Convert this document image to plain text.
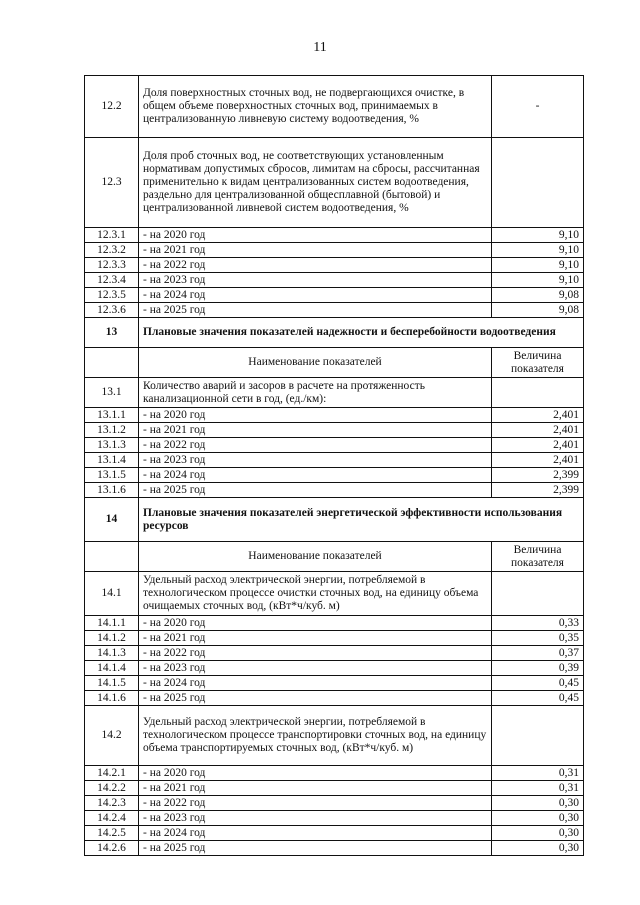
11
12.2	Доля поверхностных сточных вод, не подвергающихся очистке, в общем объеме поверхностных сточных вод, принимаемых в централизованную ливневую систему водоотведения, %	-
12.3	Доля проб сточных вод, не соответствующих установленным нормативам допустимых сбросов, лимитам на сбросы, рассчитанная применительно к видам централизованных систем водоотведения, раздельно для централизованной общесплавной (бытовой) и централизованной ливневой систем водоотведения, %	
12.3.1	- на 2020 год	9,10
12.3.2	- на 2021 год	9,10
12.3.3	- на 2022 год	9,10
12.3.4	- на 2023 год	9,10
12.3.5	- на 2024 год	9,08
12.3.6	- на 2025 год	9,08
13	Плановые значения показателей надежности и бесперебойности водоотведения	
	Наименование показателей	Величина показателя
13.1	Количество аварий и засоров в расчете на протяженность канализационной сети в год, (ед./км):	
13.1.1	- на 2020 год	2,401
13.1.2	- на 2021 год	2,401
13.1.3	- на 2022 год	2,401
13.1.4	- на 2023 год	2,401
13.1.5	- на 2024 год	2,399
13.1.6	- на 2025 год	2,399
14	Плановые значения показателей энергетической эффективности использования ресурсов	
	Наименование показателей	Величина показателя
14.1	Удельный расход электрической энергии, потребляемой в технологическом процессе очистки сточных вод, на единицу объема очищаемых сточных вод, (кВт*ч/куб. м)	
14.1.1	- на 2020 год	0,33
14.1.2	- на 2021 год	0,35
14.1.3	- на 2022 год	0,37
14.1.4	- на 2023 год	0,39
14.1.5	- на 2024 год	0,45
14.1.6	- на 2025 год	0,45
14.2	Удельный расход электрической энергии, потребляемой в технологическом процессе транспортировки сточных вод, на единицу объема транспортируемых сточных вод, (кВт*ч/куб. м)	
14.2.1	- на 2020 год	0,31
14.2.2	- на 2021 год	0,31
14.2.3	- на 2022 год	0,30
14.2.4	- на 2023 год	0,30
14.2.5	- на 2024 год	0,30
14.2.6	- на 2025 год	0,30
